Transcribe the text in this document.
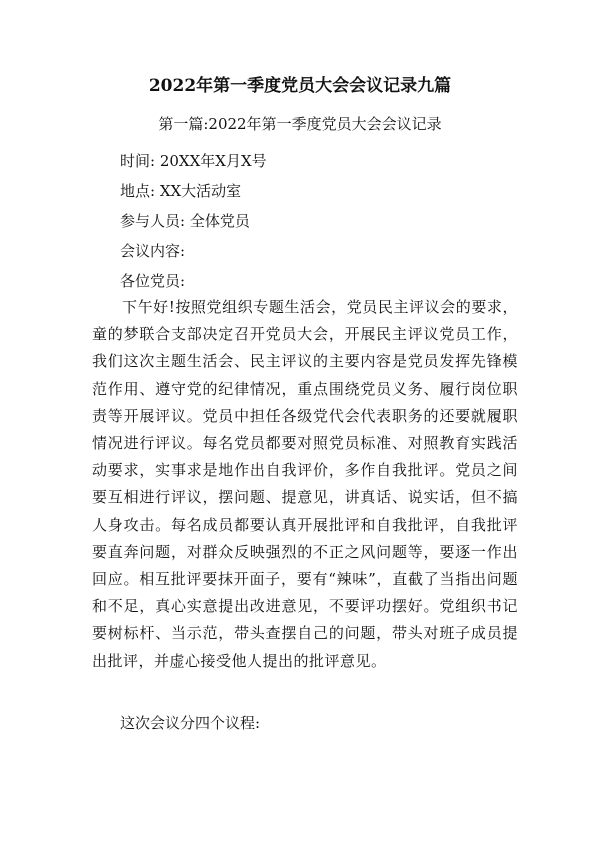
2022年第一季度党员大会会议记录九篇
第一篇:2022年第一季度党员大会会议记录
时间: 20XX年X月X号
地点: XX大活动室
参与人员: 全体党员
会议内容:
各位党员:

下午好!按照党组织专题生活会，党员民主评议会的要求，童的梦联合支部决定召开党员大会，开展民主评议党员工作，我们这次主题生活会、民主评议的主要内容是党员发挥先锋模范作用、遵守党的纪律情况，重点围绕党员义务、履行岗位职责等开展评议。党员中担任各级党代会代表职务的还要就履职情况进行评议。每名党员都要对照党员标准、对照教育实践活动要求，实事求是地作出自我评价，多作自我批评。党员之间要互相进行评议，摆问题、提意见，讲真话、说实话，但不搞人身攻击。每名成员都要认真开展批评和自我批评，自我批评要直奔问题，对群众反映强烈的不正之风问题等，要逐一作出回应。相互批评要抹开面子，要有“辣味”，直截了当指出问题和不足，真心实意提出改进意见，不要评功摆好。党组织书记要树标杆、当示范，带头查摆自己的问题，带头对班子成员提出批评，并虚心接受他人提出的批评意见。

这次会议分四个议程:
